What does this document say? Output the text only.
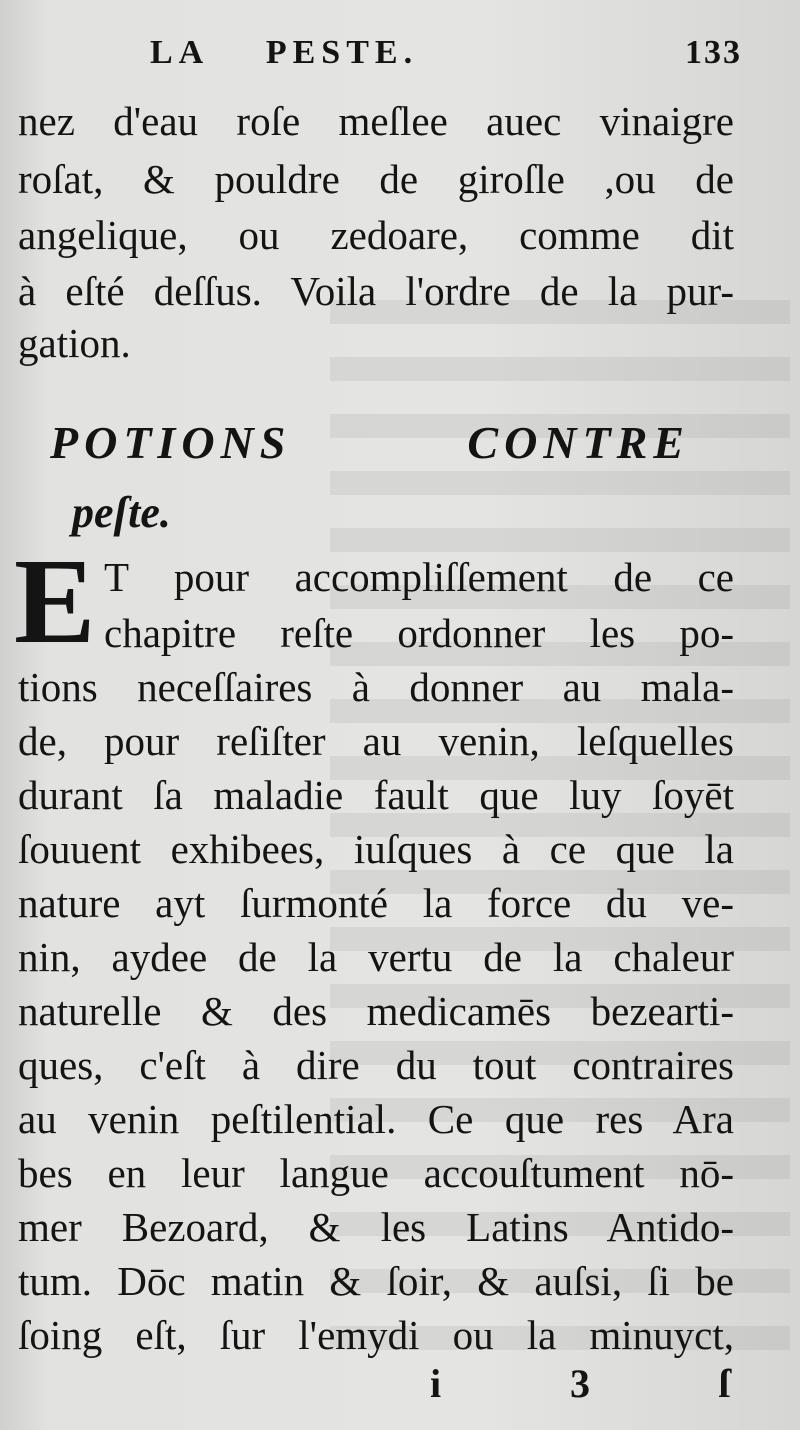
LA PESTE.	133
nez d'eau roſe meſlee auec vinaigre
roſat, & pouldre de giroſle ,ou de
angelique, ou zedoare, comme dit
à eſté deſſus. Voila l'ordre de la pur-
gation.
POTIONS CONTRE
peſte.
E T pour accompliſſement de ce
chapitre reſte ordonner les po-
tions neceſſaires à donner au mala-
de, pour reſiſter au venin, leſquelles
durant ſa maladie fault que luy ſoyēt
ſouuent exhibees, iuſques à ce que la
nature ayt ſurmonté la force du ve-
nin, aydee de la vertu de la chaleur
naturelle & des medicamēs bezearti-
ques, c'eſt à dire du tout contraires
au venin peſtilential. Ce que res Ara
bes en leur langue accouſtument nō-
mer Bezoard, & les Latins Antido-
tum. Dōc matin & ſoir, & auſsi, ſi be
ſoing eſt, ſur l'emydi ou la minuyct,
i	3	ſ
